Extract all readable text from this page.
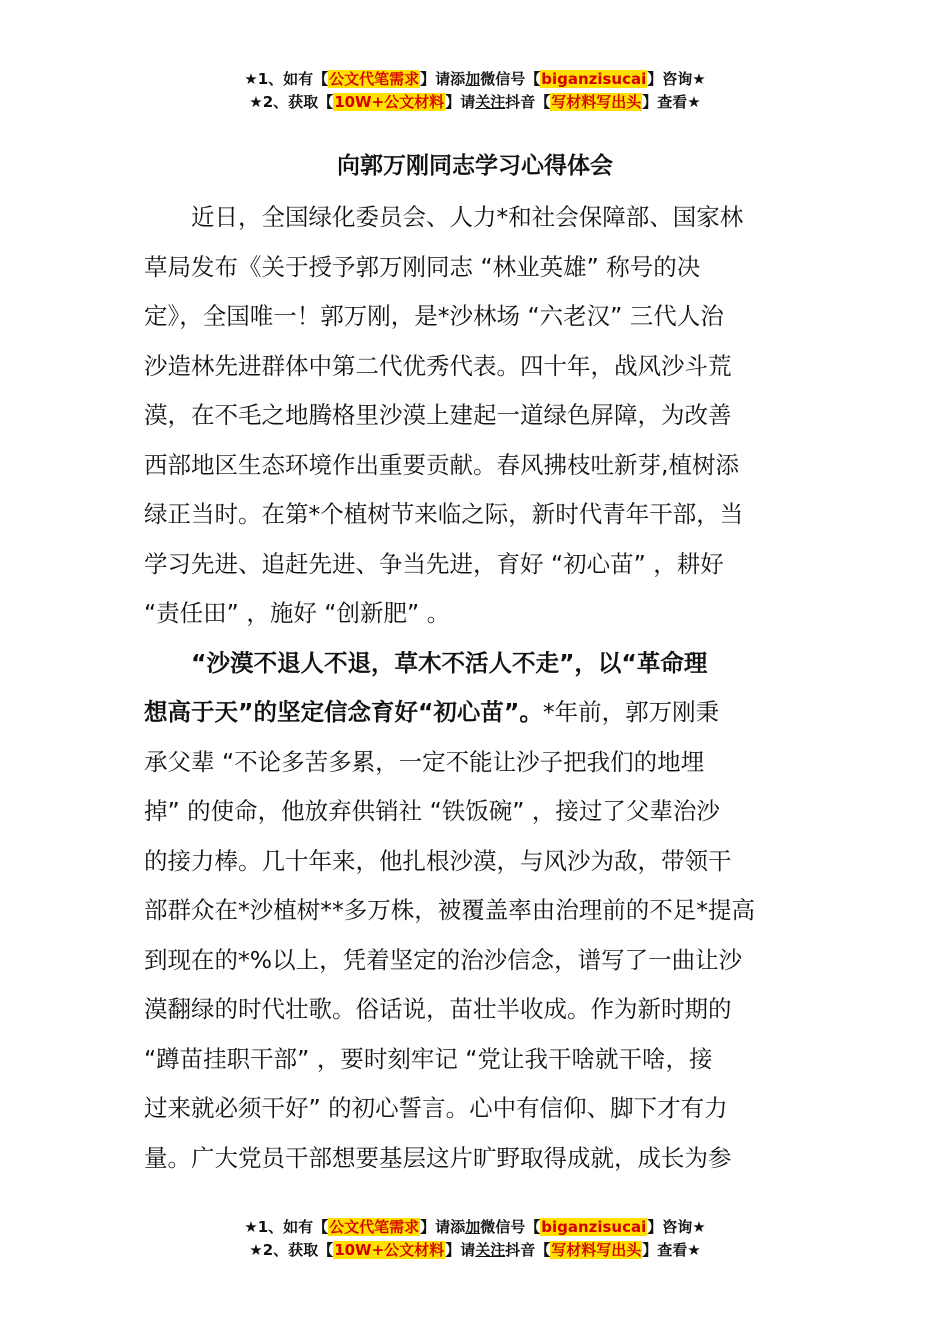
★1、如有【公文代笔需求】请添加微信号【biganzisucai】咨询★
★2、获取【10W+公文材料】请关注抖音【写材料写出头】查看★
向郭万刚同志学习心得体会
近日，全国绿化委员会、人力*和社会保障部、国家林
草局发布《关于授予郭万刚同志 “林业英雄” 称号的决
定》，全国唯一！郭万刚，是*沙林场 “六老汉” 三代人治
沙造林先进群体中第二代优秀代表。四十年，战风沙斗荒
漠，在不毛之地腾格里沙漠上建起一道绿色屏障，为改善
西部地区生态环境作出重要贡献。春风拂枝吐新芽,植树添
绿正当时。在第*个植树节来临之际，新时代青年干部，当
学习先进、追赶先进、争当先进，育好 “初心苗” ，耕好
“责任田” ，施好 “创新肥” 。
“沙漠不退人不退，草木不活人不走”，以“革命理
想高于天”的坚定信念育好“初心苗”。*年前，郭万刚秉
承父辈 “不论多苦多累，一定不能让沙子把我们的地埋
掉” 的使命，他放弃供销社 “铁饭碗” ，接过了父辈治沙
的接力棒。几十年来，他扎根沙漠，与风沙为敌，带领干
部群众在*沙植树**多万株，被覆盖率由治理前的不足*提高
到现在的*%以上，凭着坚定的治沙信念，谱写了一曲让沙
漠翻绿的时代壮歌。俗话说，苗壮半收成。作为新时期的
“蹲苗挂职干部” ，要时刻牢记 “党让我干啥就干啥，接
过来就必须干好” 的初心誓言。心中有信仰、脚下才有力
量。广大党员干部想要基层这片旷野取得成就，成长为参
★1、如有【公文代笔需求】请添加微信号【biganzisucai】咨询★
★2、获取【10W+公文材料】请关注抖音【写材料写出头】查看★
